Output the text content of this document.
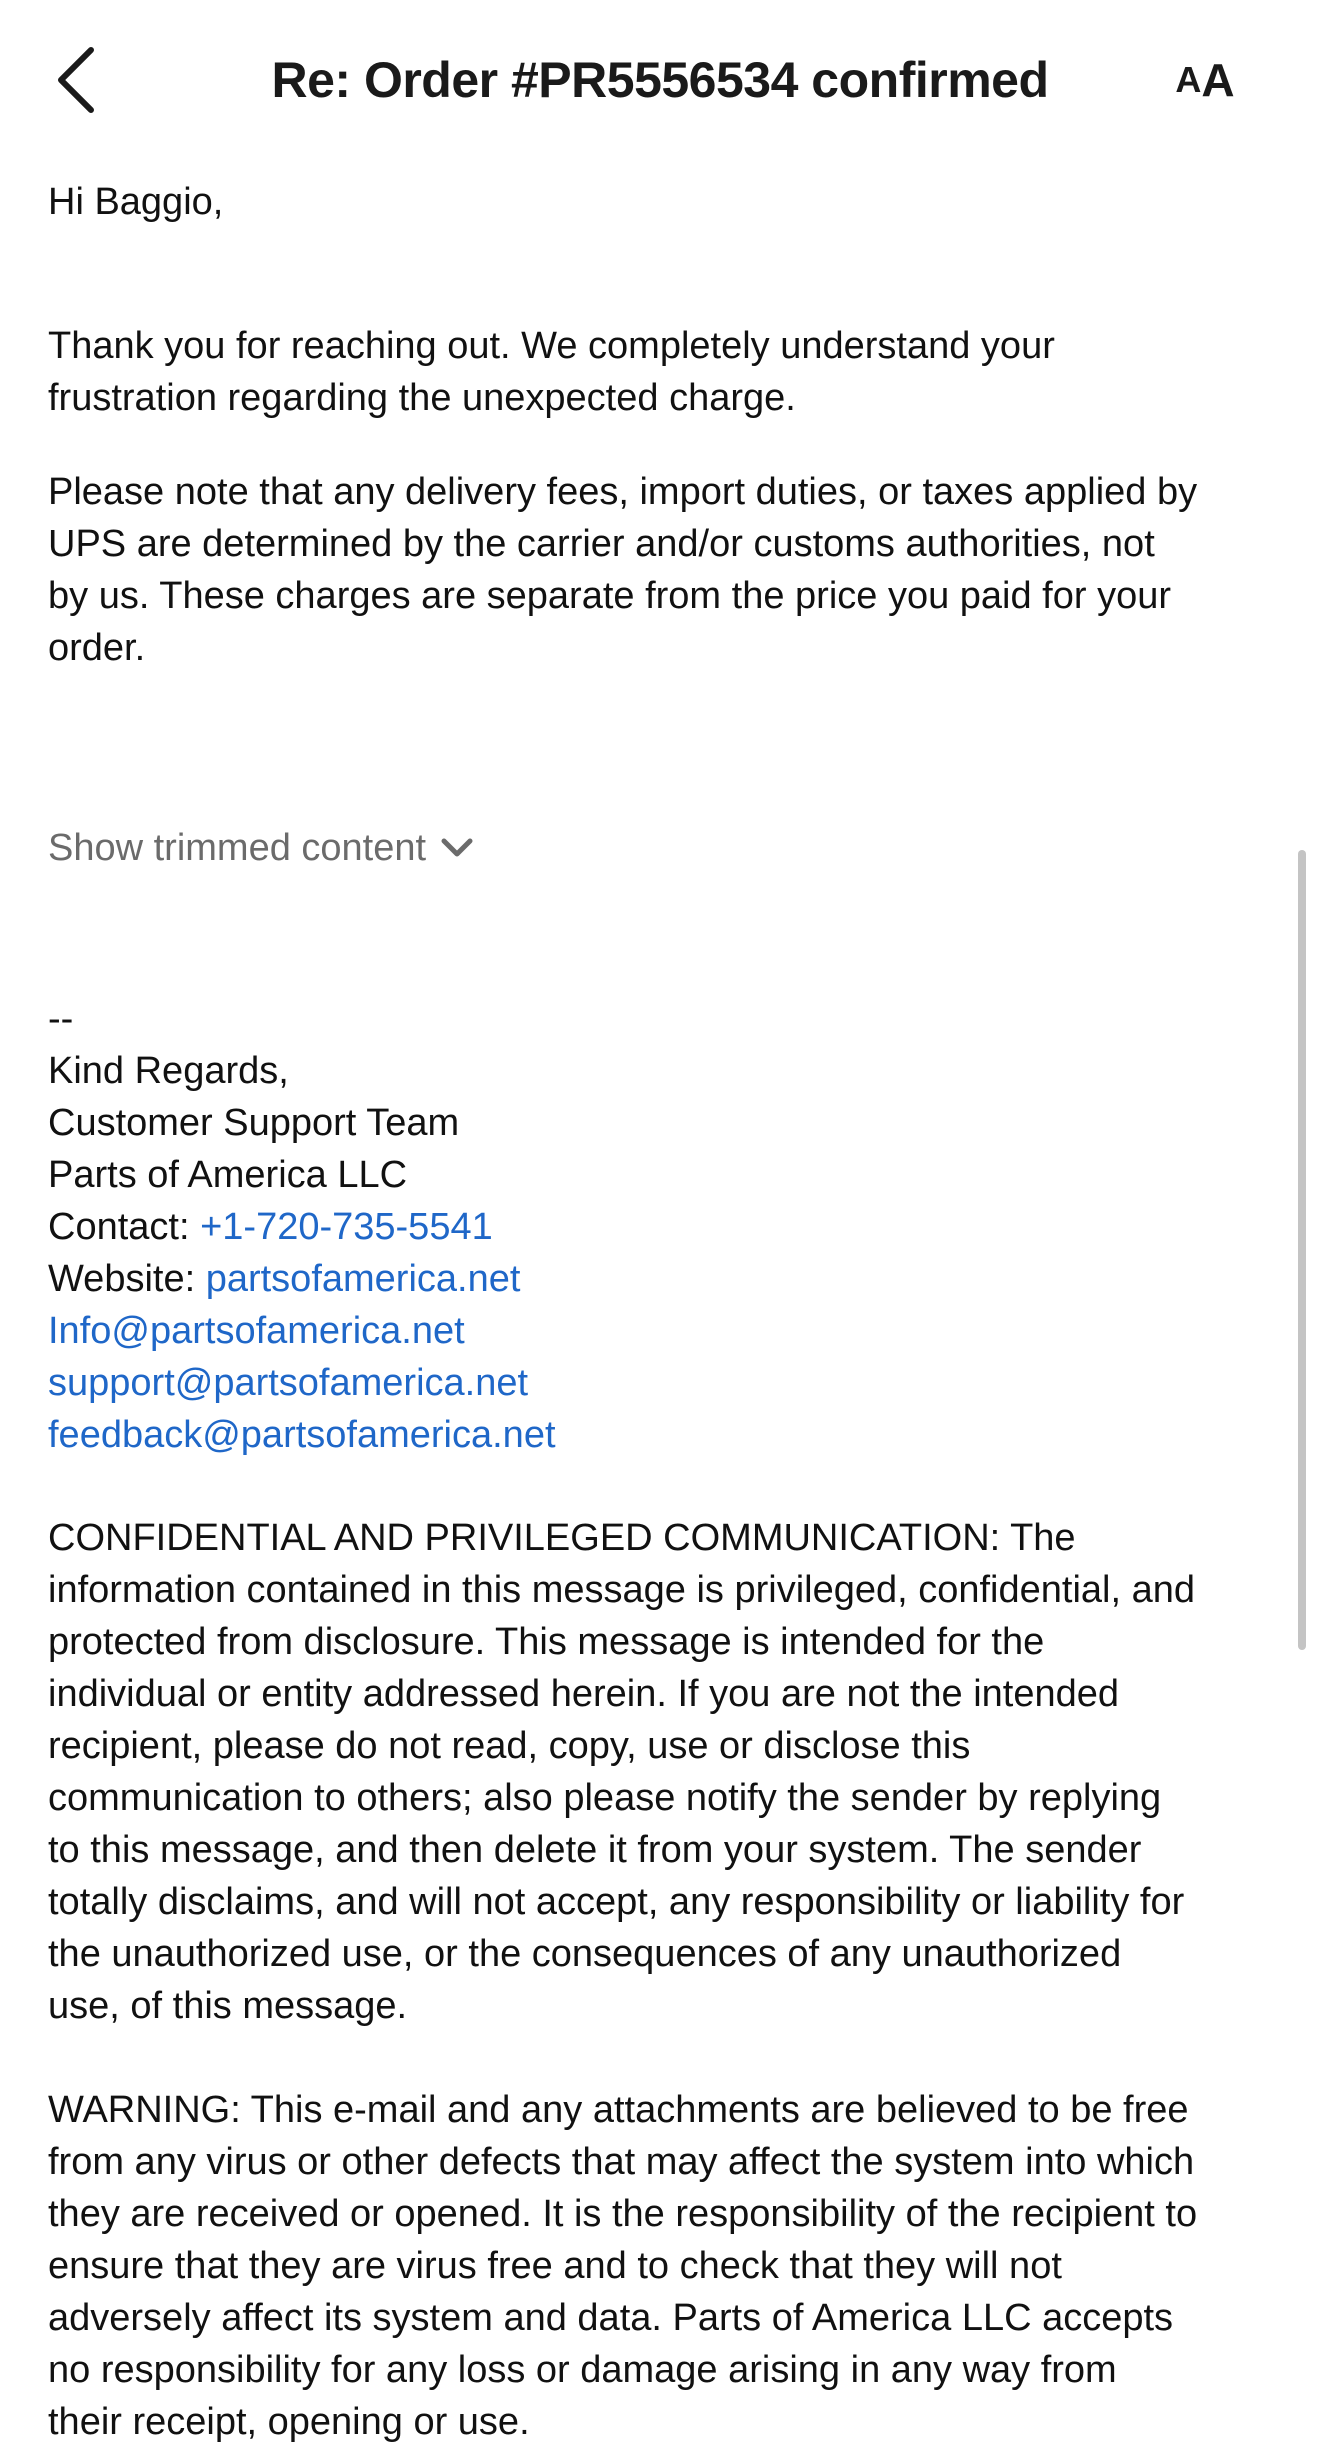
Re: Order #PR5556534 confirmed	A A

Hi Baggio,

Thank you for reaching out. We completely understand your

frustration regarding the unexpected charge.

Please note that any delivery fees, import duties, or taxes applied by

UPS are determined by the carrier and/or customs authorities, not

by us. These charges are separate from the price you paid for your

order.

Show trimmed content

--

Kind Regards,

Customer Support Team

Parts of America LLC

Contact: +1-720-735-5541

Website: partsofamerica.net

Info@partsofamerica.net

support@partsofamerica.net

feedback@partsofamerica.net

CONFIDENTIAL AND PRIVILEGED COMMUNICATION: The

information contained in this message is privileged, confidential, and

protected from disclosure. This message is intended for the

individual or entity addressed herein. If you are not the intended

recipient, please do not read, copy, use or disclose this

communication to others; also please notify the sender by replying

to this message, and then delete it from your system. The sender

totally disclaims, and will not accept, any responsibility or liability for

the unauthorized use, or the consequences of any unauthorized

use, of this message.

WARNING: This e-mail and any attachments are believed to be free

from any virus or other defects that may affect the system into which

they are received or opened. It is the responsibility of the recipient to

ensure that they are virus free and to check that they will not

adversely affect its system and data. Parts of America LLC accepts

no responsibility for any loss or damage arising in any way from

their receipt, opening or use.
